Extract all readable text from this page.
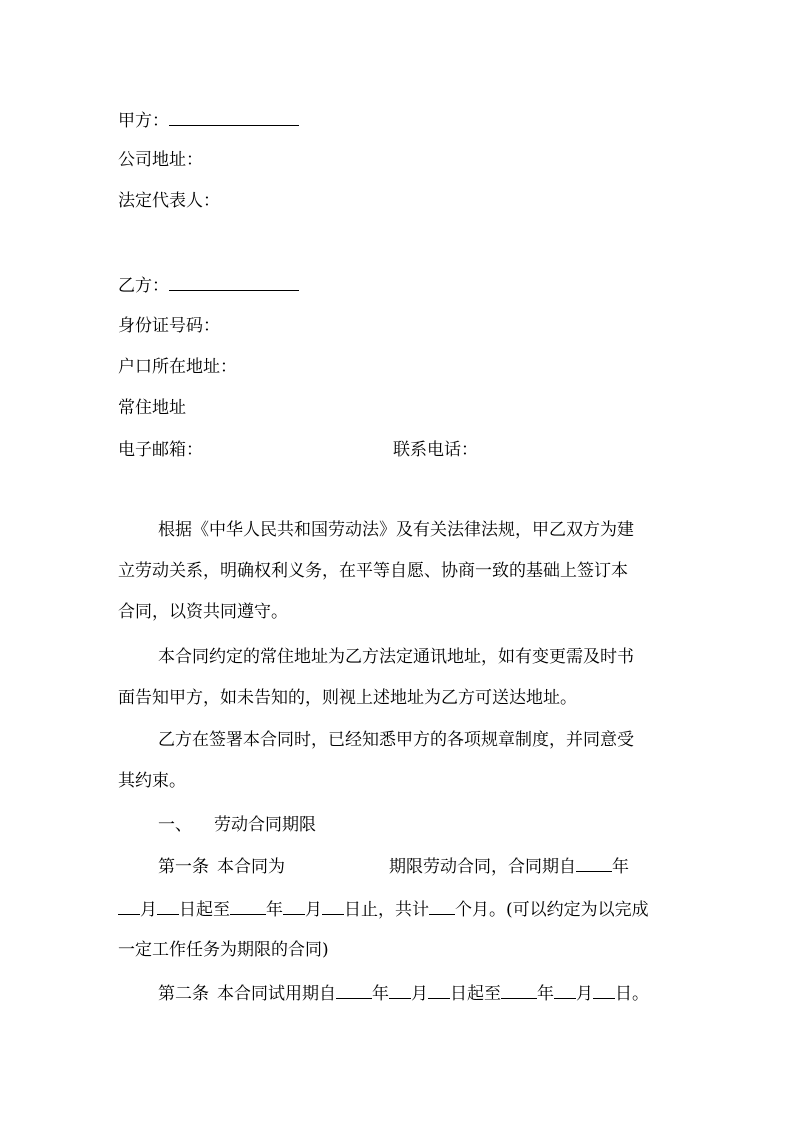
甲方：
公司地址：
法定代表人：
乙方：
身份证号码：
户口所在地址：
常住地址
电子邮箱：	联系电话：
根据《中华人民共和国劳动法》及有关法律法规，甲乙双方为建
立劳动关系，明确权利义务，在平等自愿、协商一致的基础上签订本
合同，以资共同遵守。
本合同约定的常住地址为乙方法定通讯地址，如有变更需及时书
面告知甲方，如未告知的，则视上述地址为乙方可送达地址。
乙方在签署本合同时，已经知悉甲方的各项规章制度，并同意受
其约束。
一、 劳动合同期限
第一条 本合同为	期限劳动合同，合同期自 年
月 日起至 年 月 日止，共计 个月。(可以约定为以完成
一定工作任务为期限的合同)
第二条 本合同试用期自 年 月 日起至 年 月 日。
